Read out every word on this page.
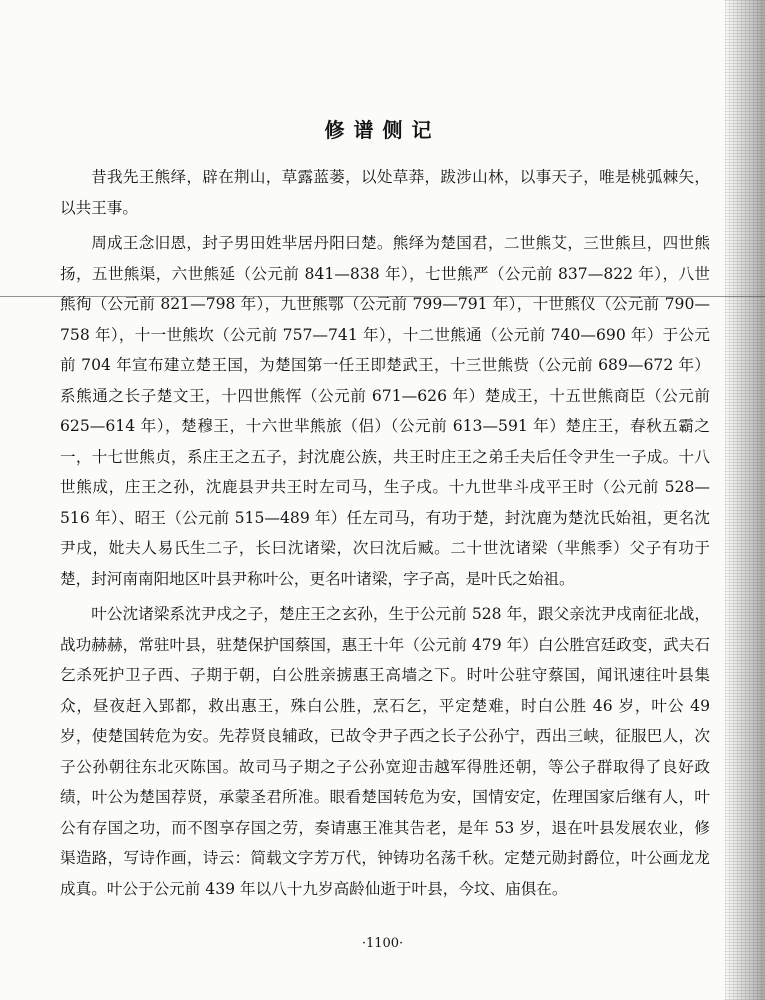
修谱侧记

昔我先王熊绎，辟在荆山，草露蓝蒌，以处草莽，跋涉山林，以事天子，唯是桃弧棘矢，以共王事。

周成王念旧恩，封子男田姓芈居丹阳曰楚。熊绎为楚国君，二世熊艾，三世熊旦，四世熊扬，五世熊渠，六世熊延（公元前 841—838 年），七世熊严（公元前 837—822 年），八世熊徇（公元前 821—798 年），九世熊鄂（公元前 799—791 年），十世熊仪（公元前 790—758 年），十一世熊坎（公元前 757—741 年），十二世熊通（公元前 740—690 年）于公元前 704 年宣布建立楚王国，为楚国第一任王即楚武王，十三世熊赀（公元前 689—672 年）系熊通之长子楚文王，十四世熊恽（公元前 671—626 年）楚成王，十五世熊商臣（公元前 625—614 年），楚穆王，十六世芈熊旅（侣）（公元前 613—591 年）楚庄王，春秋五霸之一，十七世熊贞，系庄王之五子，封沈鹿公族，共王时庄王之弟壬夫后任令尹生一子成。十八世熊成，庄王之孙，沈鹿县尹共王时左司马，生子戌。十九世芈斗戌平王时（公元前 528—516 年）、昭王（公元前 515—489 年）任左司马，有功于楚，封沈鹿为楚沈氏始祖，更名沈尹戌，妣夫人易氏生二子，长曰沈诸梁，次曰沈后臧。二十世沈诸梁（芈熊季）父子有功于楚，封河南南阳地区叶县尹称叶公，更名叶诸梁，字子高，是叶氏之始祖。

叶公沈诸梁系沈尹戌之子，楚庄王之玄孙，生于公元前 528 年，跟父亲沈尹戌南征北战，战功赫赫，常驻叶县，驻楚保护国蔡国，惠王十年（公元前 479 年）白公胜宫廷政变，武夫石乞杀死护卫子西、子期于朝，白公胜亲掳惠王高墙之下。时叶公驻守蔡国，闻讯速往叶县集众，昼夜赶入郢都，救出惠王，殊白公胜，烹石乞，平定楚难，时白公胜 46 岁，叶公 49 岁，使楚国转危为安。先荐贤良辅政，已故令尹子西之长子公孙宁，西出三峡，征服巴人，次子公孙朝往东北灭陈国。故司马子期之子公孙宽迎击越军得胜还朝，等公子群取得了良好政绩，叶公为楚国荐贤，承蒙圣君所准。眼看楚国转危为安，国情安定，佐理国家后继有人，叶公有存国之功，而不图享存国之劳，奏请惠王准其告老，是年 53 岁，退在叶县发展农业，修渠造路，写诗作画，诗云：简载文字芳万代，钟铸功名荡千秋。定楚元勋封爵位，叶公画龙龙成真。叶公于公元前 439 年以八十九岁高龄仙逝于叶县，今坟、庙俱在。

·1100·
